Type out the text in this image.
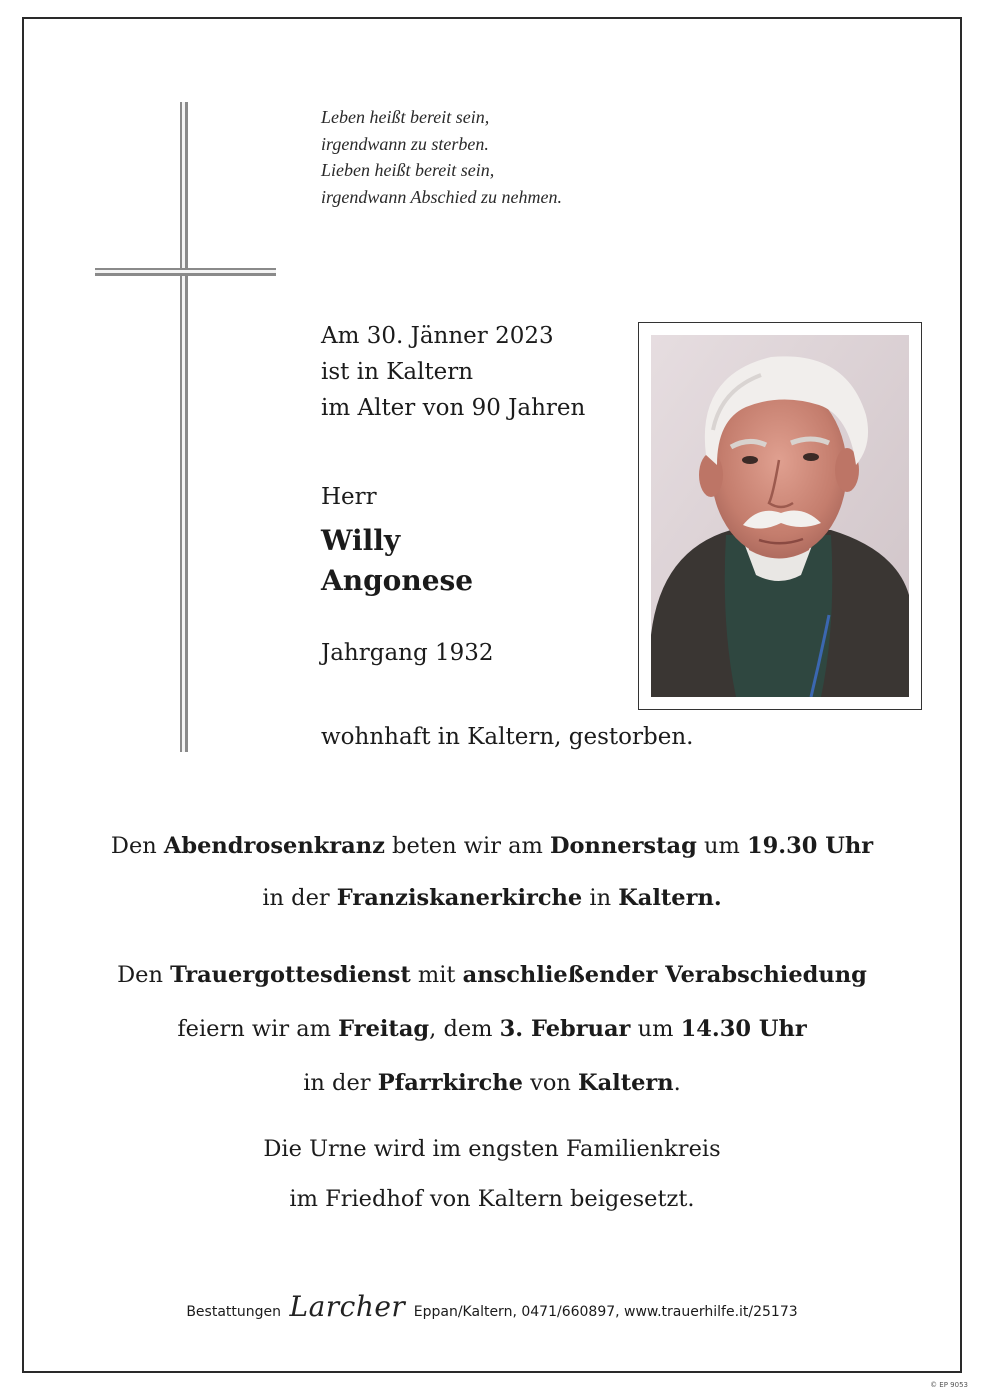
Leben heißt bereit sein,
irgendwann zu sterben.
Lieben heißt bereit sein,
irgendwann Abschied zu nehmen.
Am 30. Jänner 2023
ist in Kaltern
im Alter von 90 Jahren
Herr
Willy
Angonese
Jahrgang 1932
wohnhaft in Kaltern, gestorben.
Den Abendrosenkranz beten wir am Donnerstag um 19.30 Uhr
in der Franziskanerkirche in Kaltern.
Den Trauergottesdienst mit anschließender Verabschiedung
feiern wir am Freitag, dem 3. Februar um 14.30 Uhr
in der Pfarrkirche von Kaltern.
Die Urne wird im engsten Familienkreis
im Friedhof von Kaltern beigesetzt.
Bestattungen Larcher Eppan/Kaltern, 0471/660897, www.trauerhilfe.it/25173
© EP 9053
